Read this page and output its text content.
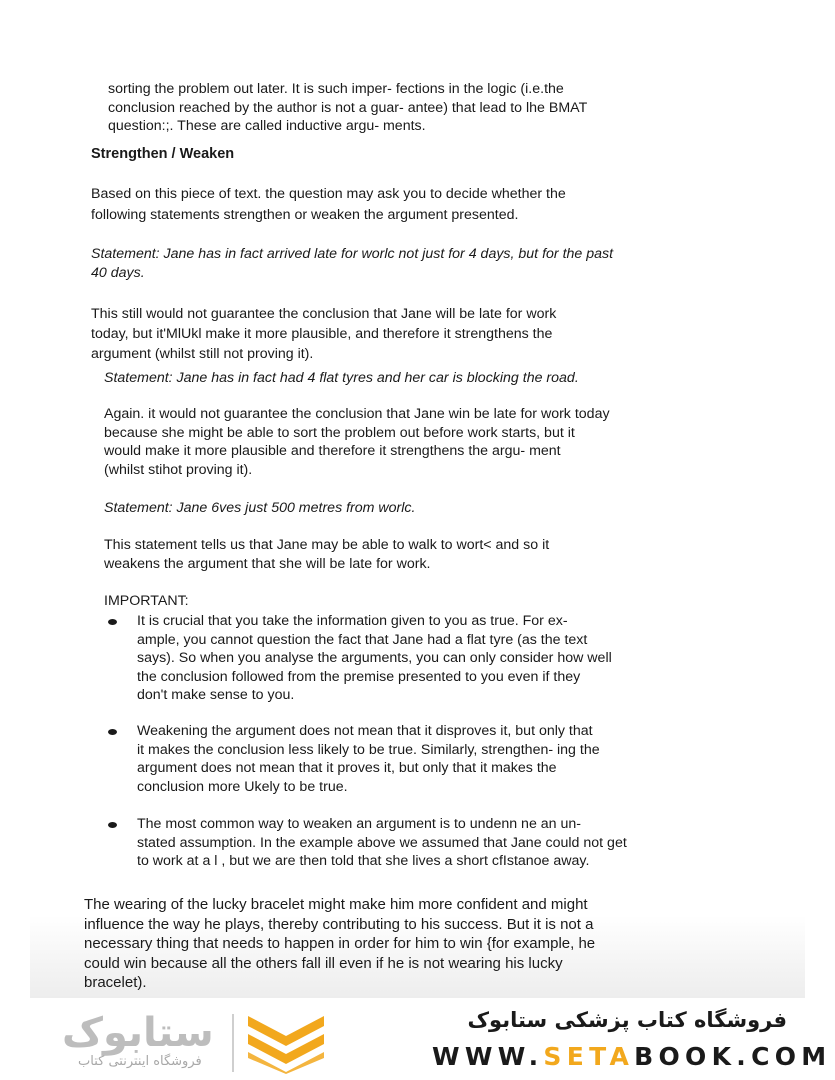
sorting the problem out later. It is such imper- fections in the logic (i.e.the

conclusion reached by the author is not a guar- antee) that lead to lhe BMAT

question:;. These are called inductive argu- ments.

Strengthen / Weaken

Based on this piece of text. the question may ask you to decide whether the

following statements strengthen or weaken the argument presented.

Statement: Jane has in fact arrived late for worlc not just for 4 days, but for the past

40 days.

This still would not guarantee the conclusion that Jane will be late for work

today, but it'MlUkl make it more plausible, and therefore it strengthens the

argument (whilst still not proving it).

Statement: Jane has in fact had 4 flat tyres and her car is blocking the road.

Again. it would not guarantee the conclusion that Jane win be late for work today

because she might be able to sort the problem out before work starts, but it

would make it more plausible and therefore it strengthens the argu- ment

(whilst stihot proving it).

Statement: Jane 6ves just 500 metres from worlc.

This statement tells us that Jane may be able to walk to wort< and so it

weakens the argument that she will be late for work.

IMPORTANT:

It is crucial that you take the information given to you as true. For ex-

ample, you cannot question the fact that Jane had a flat tyre (as the text

says). So when you analyse the arguments, you can only consider how well

the conclusion followed from the premise presented to you even if they

don't make sense to you.

Weakening the argument does not mean that it disproves it, but only that

it makes the conclusion less likely to be true. Similarly, strengthen- ing the

argument does not mean that it proves it, but only that it makes the

conclusion more Ukely to be true.

The most common way to weaken an argument is to undenn ne an un-

stated assumption. In the example above we assumed that Jane could not get

to work at a l , but we are then told that she lives a short cfIstanoe away.

The wearing of the lucky bracelet might make him more confident and might

influence the way he plays, thereby contributing to his success. But it is not a

necessary thing that needs to happen in order for him to win {for example, he

could win because all the others fall ill even if he is not wearing his lucky

bracelet).

ستابوک
فروشگاه اینترنتی کتاب
فروشگاه کتاب پزشکی ستابوک
WWW.SETABOOK.COM
